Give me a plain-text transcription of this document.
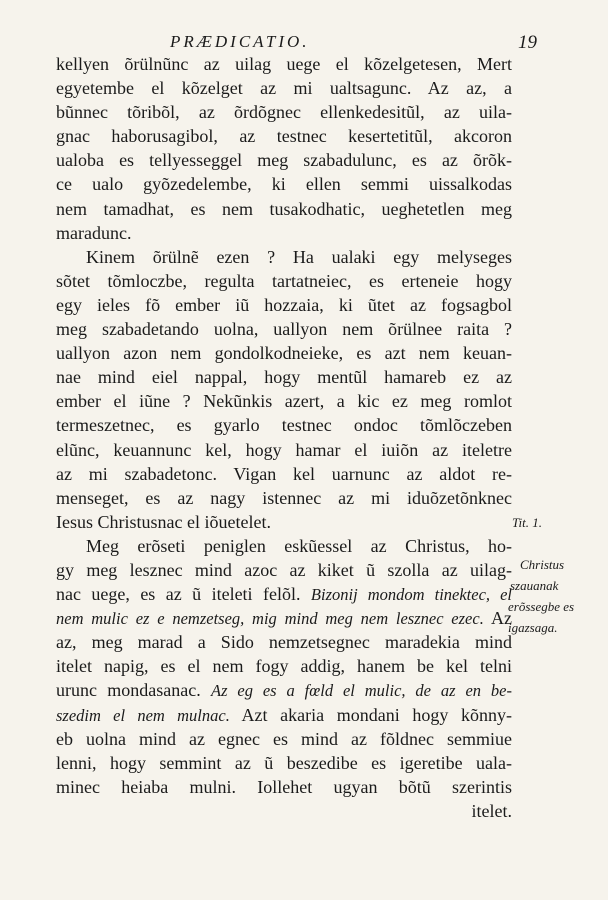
PRÆDICATIO.	19
kellyen õrülnũnc az uilag uege el kõzelgetesen, Mert
egyetembe el kõzelget az mi ualtsagunc. Az az, a
bũnnec tõribõl, az õrdõgnec ellenkedesitũl, az uila-
gnac haborusagibol, az testnec kesertetitũl, akcoron
ualoba es tellyesseggel meg szabadulunc, es az õrõk-
ce ualo gyõzedelembe, ki ellen semmi uissalkodas
nem tamadhat, es nem tusakodhatic, ueghetetlen meg
maradunc.
Kinem õrülnẽ ezen ? Ha ualaki egy melyseges
sõtet tõmloczbe, regulta tartatneiec, es erteneie hogy
egy ieles fõ ember iũ hozzaia, ki ũtet az fogsagbol
meg szabadetando uolna, uallyon nem õrülnee raita ?
uallyon azon nem gondolkodneieke, es azt nem keuan-
nae mind eiel nappal, hogy mentũl hamareb ez az
ember el iũne ? Nekũnkis azert, a kic ez meg romlot
termeszetnec, es gyarlo testnec ondoc tõmlõczeben
elũnc, keuannunc kel, hogy hamar el iuiõn az iteletre
az mi szabadetonc. Vigan kel uarnunc az aldot re-
menseget, es az nagy istennec az mi iduõzetõnknec
Iesus Christusnac el iõuetelet.
Meg erõseti peniglen eskũessel az Christus, ho-
gy meg lesznec mind azoc az kiket ũ szolla az uilag-
nac uege, es az ũ iteleti felõl. Bizonij mondom tinektec, el
nem mulic ez e nemzetseg, mig mind meg nem lesznec ezec. Az
az, meg marad a Sido nemzetsegnec maradekia mind
itelet napig, es el nem fogy addig, hanem be kel telni
urunc mondasanac. Az eg es a fœld el mulic, de az en be-
szedim el nem mulnac. Azt akaria mondani hogy kõnny-
eb uolna mind az egnec es mind az fõldnec semmiue
lenni, hogy semmint az ũ beszedibe es igeretibe uala-
minec heiaba mulni. Iollehet ugyan bõtũ szerintis
itelet.
Tit. 1.
Christus
szauanak
erõssegbe es
igazsaga.
